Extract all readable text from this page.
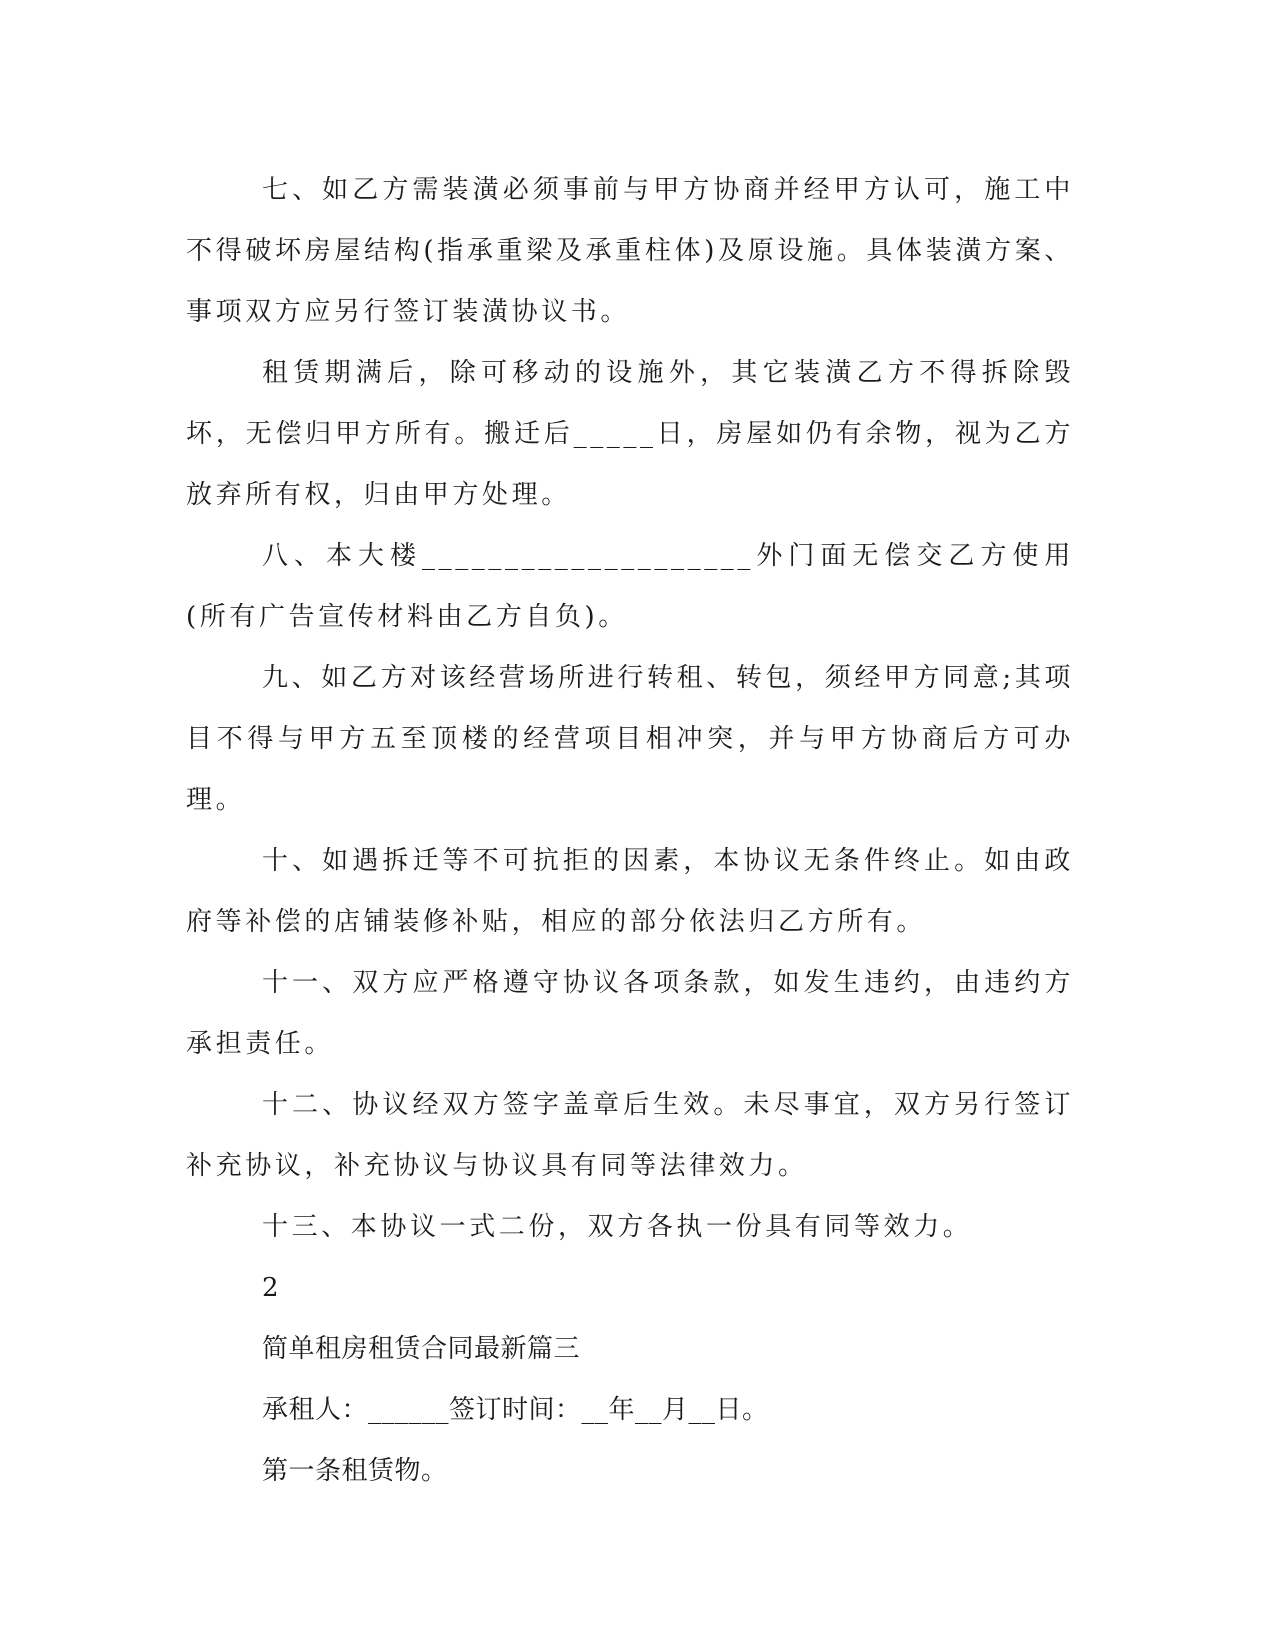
七、如乙方需装潢必须事前与甲方协商并经甲方认可，施工中不得破坏房屋结构(指承重梁及承重柱体)及原设施。具体装潢方案、事项双方应另行签订装潢协议书。

租赁期满后，除可移动的设施外，其它装潢乙方不得拆除毁坏，无偿归甲方所有。搬迁后_____日，房屋如仍有余物，视为乙方放弃所有权，归由甲方处理。

八、本大楼____________________外门面无偿交乙方使用(所有广告宣传材料由乙方自负)。

九、如乙方对该经营场所进行转租、转包，须经甲方同意;其项目不得与甲方五至顶楼的经营项目相冲突，并与甲方协商后方可办理。

十、如遇拆迁等不可抗拒的因素，本协议无条件终止。如由政府等补偿的店铺装修补贴，相应的部分依法归乙方所有。

十一、双方应严格遵守协议各项条款，如发生违约，由违约方承担责任。

十二、协议经双方签字盖章后生效。未尽事宜，双方另行签订补充协议，补充协议与协议具有同等法律效力。

十三、本协议一式二份，双方各执一份具有同等效力。

2

简单租房租赁合同最新篇三

承租人：______签订时间：__年__月__日。

第一条租赁物。
